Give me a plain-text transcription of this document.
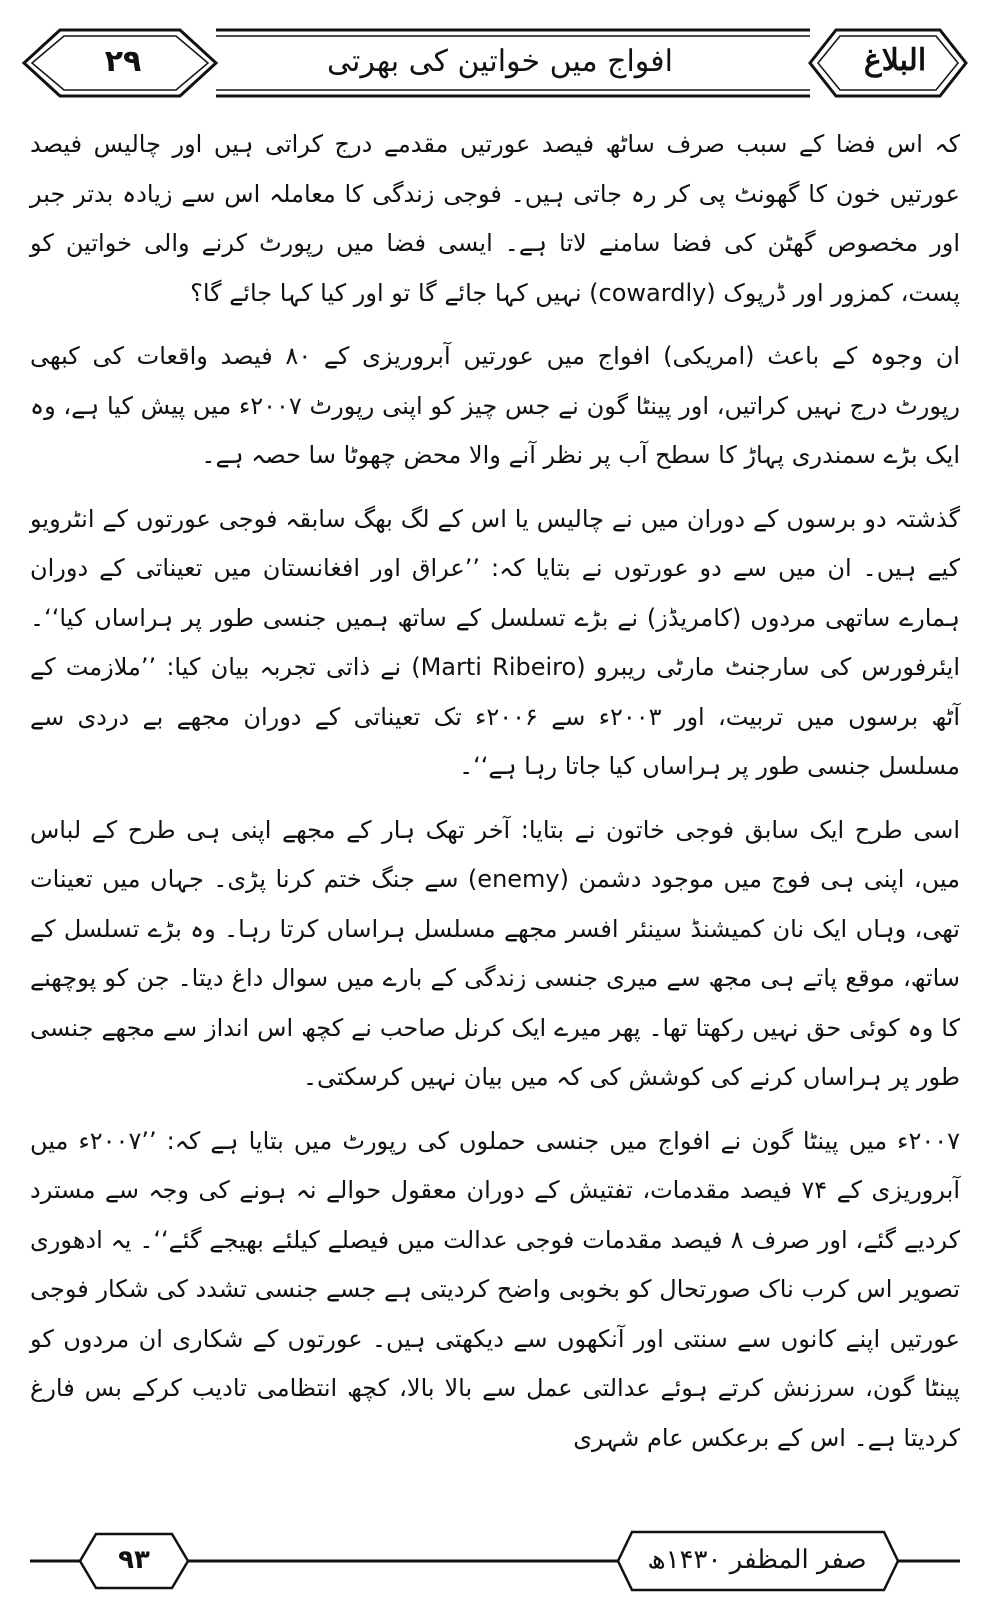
۲۹	افواج میں خواتین کی بھرتی	البلاغ

کہ اس فضا کے سبب صرف ساٹھ فیصد عورتیں مقدمے درج کراتی ہیں اور چالیس فیصد عورتیں خون کا گھونٹ پی کر رہ جاتی ہیں۔ فوجی زندگی کا معاملہ اس سے زیادہ بدتر جبر اور مخصوص گھٹن کی فضا سامنے لاتا ہے۔ ایسی فضا میں رپورٹ کرنے والی خواتین کو پست، کمزور اور ڈرپوک (cowardly) نہیں کہا جائے گا تو اور کیا کہا جائے گا؟

ان وجوہ کے باعث (امریکی) افواج میں عورتیں آبروریزی کے ۸۰ فیصد واقعات کی کبھی رپورٹ درج نہیں کراتیں، اور پینٹا گون نے جس چیز کو اپنی رپورٹ ۲۰۰۷ء میں پیش کیا ہے، وہ ایک بڑے سمندری پہاڑ کا سطح آب پر نظر آنے والا محض چھوٹا سا حصہ ہے۔

گذشتہ دو برسوں کے دوران میں نے چالیس یا اس کے لگ بھگ سابقہ فوجی عورتوں کے انٹرویو کیے ہیں۔ ان میں سے دو عورتوں نے بتایا کہ: ’’عراق اور افغانستان میں تعیناتی کے دوران ہمارے ساتھی مردوں (کامریڈز) نے بڑے تسلسل کے ساتھ ہمیں جنسی طور پر ہراساں کیا‘‘۔ ایئرفورس کی سارجنٹ مارٹی ریبرو (Marti Ribeiro) نے ذاتی تجربہ بیان کیا: ’’ملازمت کے آٹھ برسوں میں تربیت، اور ۲۰۰۳ء سے ۲۰۰۶ء تک تعیناتی کے دوران مجھے بے دردی سے مسلسل جنسی طور پر ہراساں کیا جاتا رہا ہے‘‘۔

اسی طرح ایک سابق فوجی خاتون نے بتایا: آخر تھک ہار کے مجھے اپنی ہی طرح کے لباس میں، اپنی ہی فوج میں موجود دشمن (enemy) سے جنگ ختم کرنا پڑی۔ جہاں میں تعینات تھی، وہاں ایک نان کمیشنڈ سینئر افسر مجھے مسلسل ہراساں کرتا رہا۔ وہ بڑے تسلسل کے ساتھ، موقع پاتے ہی مجھ سے میری جنسی زندگی کے بارے میں سوال داغ دیتا۔ جن کو پوچھنے کا وہ کوئی حق نہیں رکھتا تھا۔ پھر میرے ایک کرنل صاحب نے کچھ اس انداز سے مجھے جنسی طور پر ہراساں کرنے کی کوشش کی کہ میں بیان نہیں کرسکتی۔

۲۰۰۷ء میں پینٹا گون نے افواج میں جنسی حملوں کی رپورٹ میں بتایا ہے کہ: ’’۲۰۰۷ء میں آبروریزی کے ۷۴ فیصد مقدمات، تفتیش کے دوران معقول حوالے نہ ہونے کی وجہ سے مسترد کردیے گئے، اور صرف ۸ فیصد مقدمات فوجی عدالت میں فیصلے کیلئے بھیجے گئے‘‘۔ یہ ادھوری تصویر اس کرب ناک صورتحال کو بخوبی واضح کردیتی ہے جسے جنسی تشدد کی شکار فوجی عورتیں اپنے کانوں سے سنتی اور آنکھوں سے دیکھتی ہیں۔ عورتوں کے شکاری ان مردوں کو پینٹا گون، سرزنش کرتے ہوئے عدالتی عمل سے بالا بالا، کچھ انتظامی تادیب کرکے بس فارغ کردیتا ہے۔ اس کے برعکس عام شہری

۹۳	صفر المظفر ۱۴۳۰ھ
